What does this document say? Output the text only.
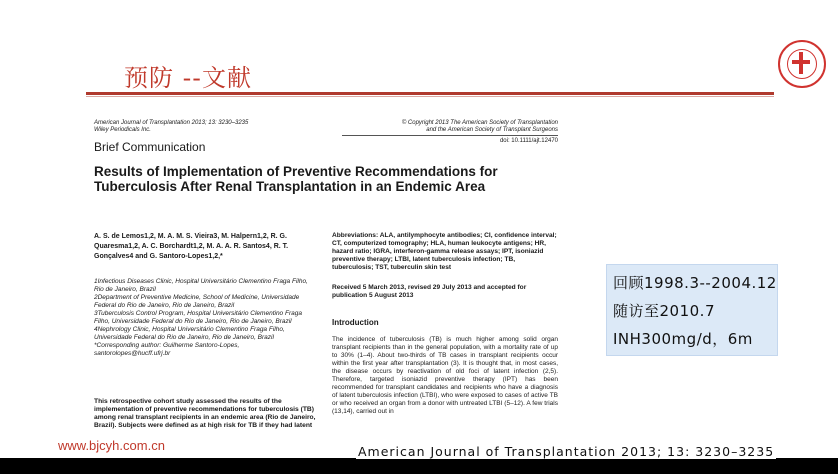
预防 --文献
American Journal of Transplantation 2013; 13: 3230–3235
Wiley Periodicals Inc.
© Copyright 2013 The American Society of Transplantation
and the American Society of Transplant Surgeons
doi: 10.1111/ajt.12470
Brief Communication
Results of Implementation of Preventive Recommendations for Tuberculosis After Renal Transplantation in an Endemic Area
A. S. de Lemos1,2, M. A. M. S. Vieira3, M. Halpern1,2, R. G. Quaresma1,2, A. C. Borchardt1,2, M. A. A. R. Santos4, R. T. Gonçalves4 and G. Santoro-Lopes1,2,*
1Infectious Diseases Clinic, Hospital Universitário Clementino Fraga Filho, Rio de Janeiro, Brazil
2Department of Preventive Medicine, School of Medicine, Universidade Federal do Rio de Janeiro, Rio de Janeiro, Brazil
3Tuberculosis Control Program, Hospital Universitário Clementino Fraga Filho, Universidade Federal do Rio de Janeiro, Rio de Janeiro, Brazil
4Nephrology Clinic, Hospital Universitário Clementino Fraga Filho, Universidade Federal do Rio de Janeiro, Rio de Janeiro, Brazil
*Corresponding author: Guilherme Santoro-Lopes, santorolopes@hucff.ufrj.br
This retrospective cohort study assessed the results of the implementation of preventive recommendations for tuberculosis (TB) among renal transplant recipients in an endemic area (Rio de Janeiro, Brazil). Subjects were defined as at high risk for TB if they had latent
Abbreviations: ALA, antilymphocyte antibodies; CI, confidence interval; CT, computerized tomography; HLA, human leukocyte antigens; HR, hazard ratio; IGRA, interferon-gamma release assays; IPT, isoniazid preventive therapy; LTBI, latent tuberculosis infection; TB, tuberculosis; TST, tuberculin skin test
Received 5 March 2013, revised 29 July 2013 and accepted for publication 5 August 2013
Introduction
The incidence of tuberculosis (TB) is much higher among solid organ transplant recipients than in the general population, with a mortality rate of up to 30% (1–4). About two-thirds of TB cases in transplant recipients occur within the first year after transplantation (3). It is thought that, in most cases, the disease occurs by reactivation of old foci of latent infection (2,5). Therefore, targeted isoniazid preventive therapy (IPT) has been recommended for transplant candidates and recipients who have a diagnosis of latent tuberculosis infection (LTBI), who were exposed to cases of active TB or who received an organ from a donor with untreated LTBI (5–12). A few trials (13,14), carried out in
回顾1998.3--2004.12
随访至2010.7
INH300mg/d，6m
www.bjcyh.com.cn	American Journal of Transplantation 2013; 13: 3230–3235
